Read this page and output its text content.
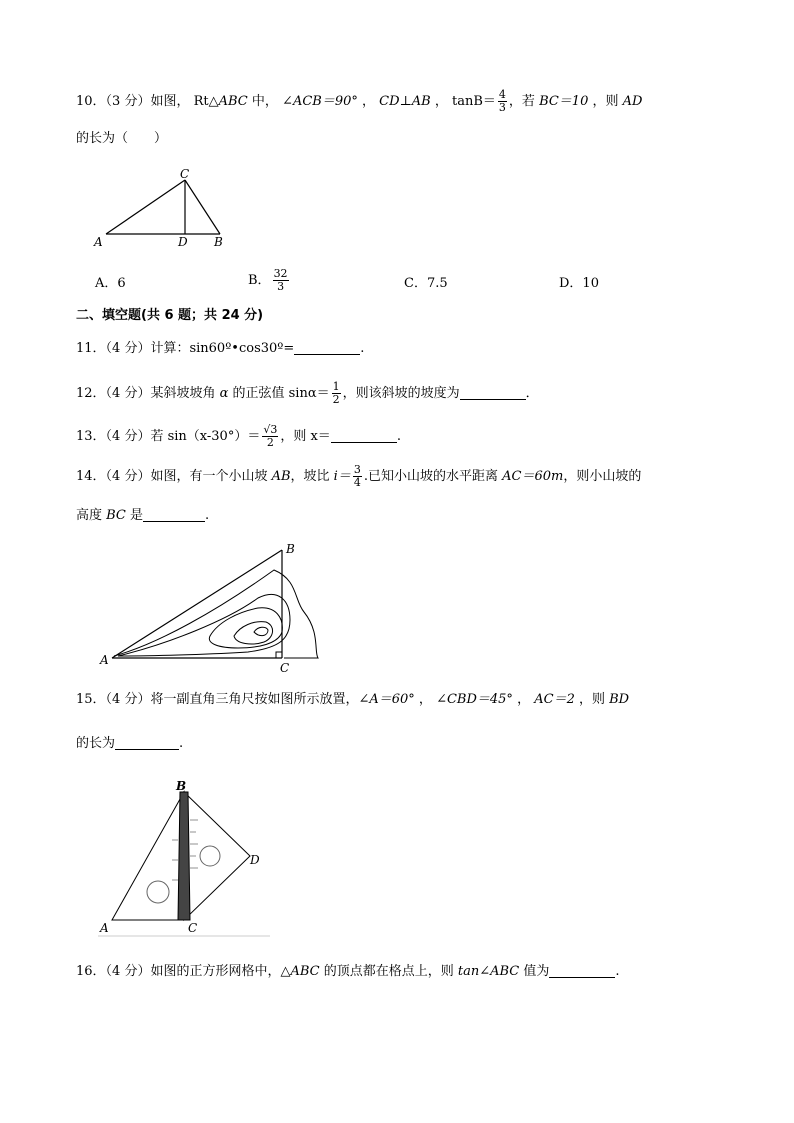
10．（3 分）如图， Rt△ABC 中， ∠ACB＝90° ， CD⊥AB ， $\tan B= \frac{4}{3}$ ，若 BC＝10 ，则 AD
的长为（　　）
A	B
C
D
A．6	B． $\frac{32}{3}$	C．7.5	D．10
二、填空题(共 6 题；共 24 分)
11．（4 分）计算：sin60º•cos30º=	.
12．（4 分）某斜坡坡角 α 的正弦值 $\sin\alpha= \frac{1}{2}$ ，则该斜坡的坡度为	．
13．（4 分）若 $\sin(x-30^\circ)= \frac{√3}{2}$ ，则 x＝	.
14．（4 分）如图，有一个小山坡 AB，坡比 $i= \frac{3}{4}$ .已知小山坡的水平距离 AC＝60m，则小山坡的
高度 BC 是	.
A
B
C
15．（4 分）将一副直角三角尺按如图所示放置，∠A＝60° ， ∠CBD＝45° ， AC＝2 ，则 BD
的长为	.
B
A	C
D
16．（4 分）如图的正方形网格中，△ABC 的顶点都在格点上，则 tan∠ABC 值为	.
